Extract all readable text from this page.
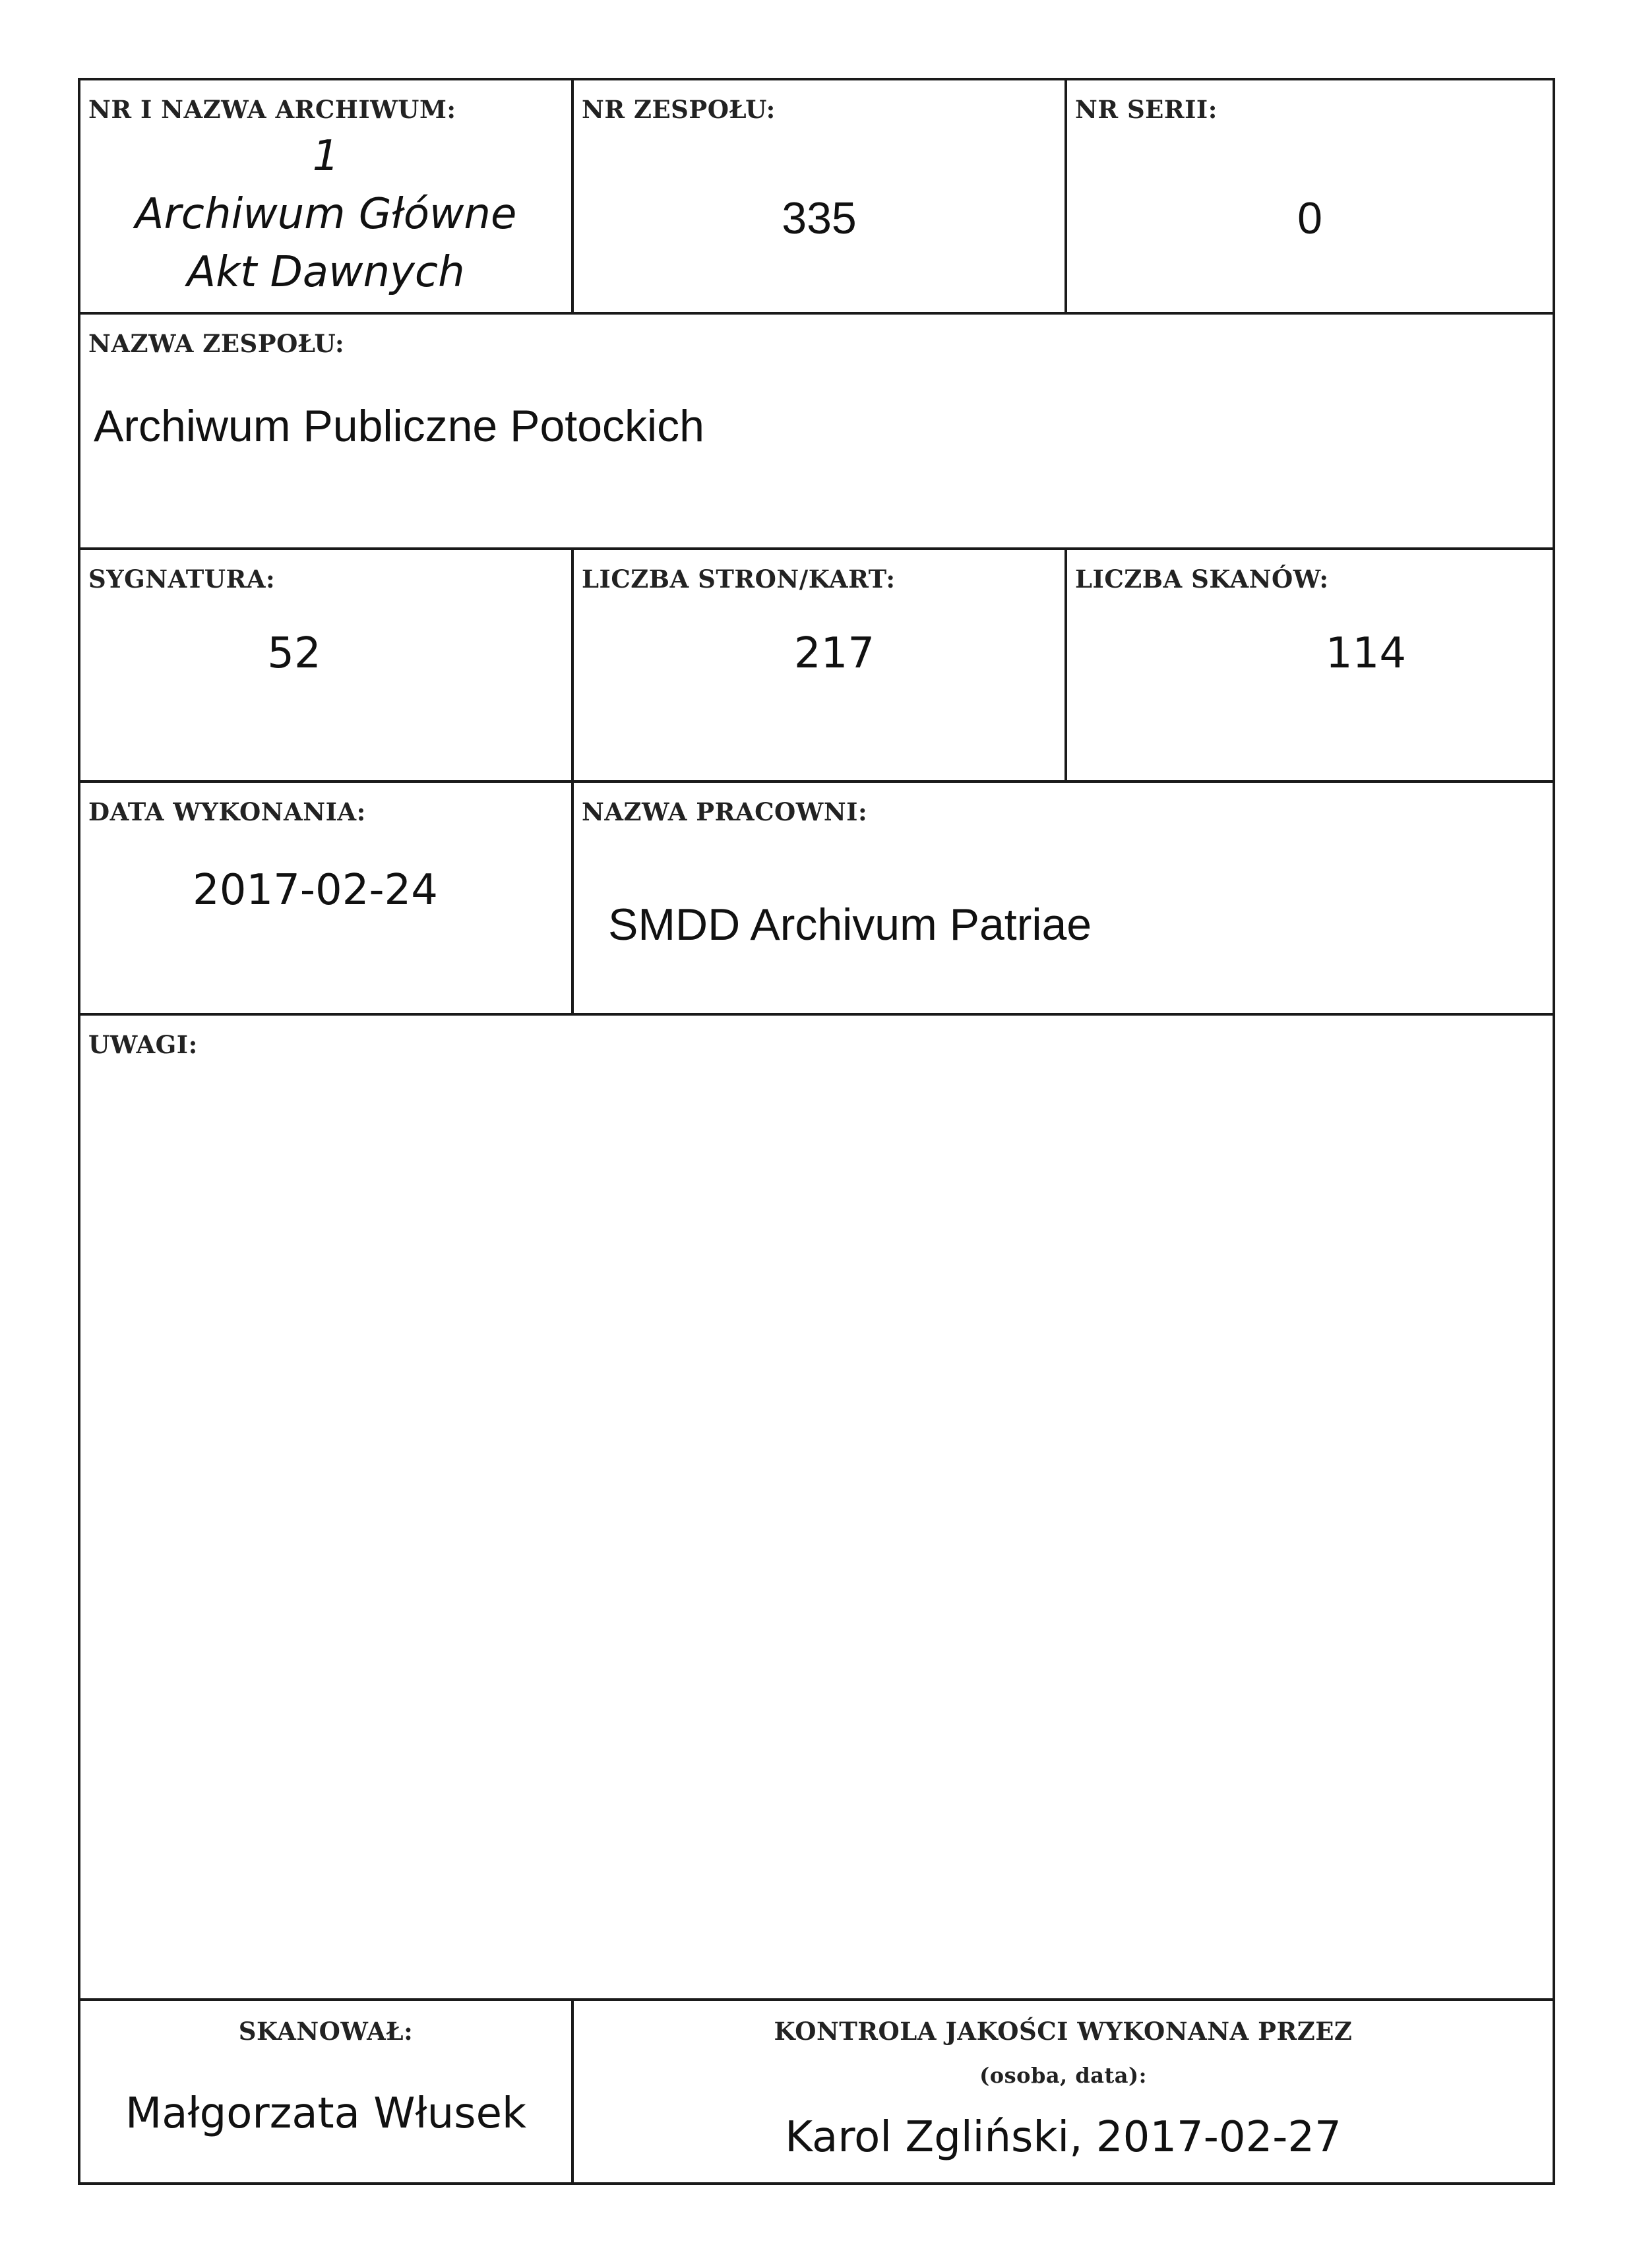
NR I NAZWA ARCHIWUM:
1
Archiwum Główne
Akt Dawnych
NR ZESPOŁU:
335
NR SERII:
0
NAZWA ZESPOŁU:
Archiwum Publiczne Potockich
SYGNATURA:
52
LICZBA STRON/KART:
217
LICZBA SKANÓW:
114
DATA WYKONANIA:
2017-02-24
NAZWA PRACOWNI:
SMDD Archivum Patriae
UWAGI:
SKANOWAŁ:
Małgorzata Włusek
KONTROLA JAKOŚCI WYKONANA PRZEZ
(osoba, data):
Karol Zgliński, 2017-02-27
